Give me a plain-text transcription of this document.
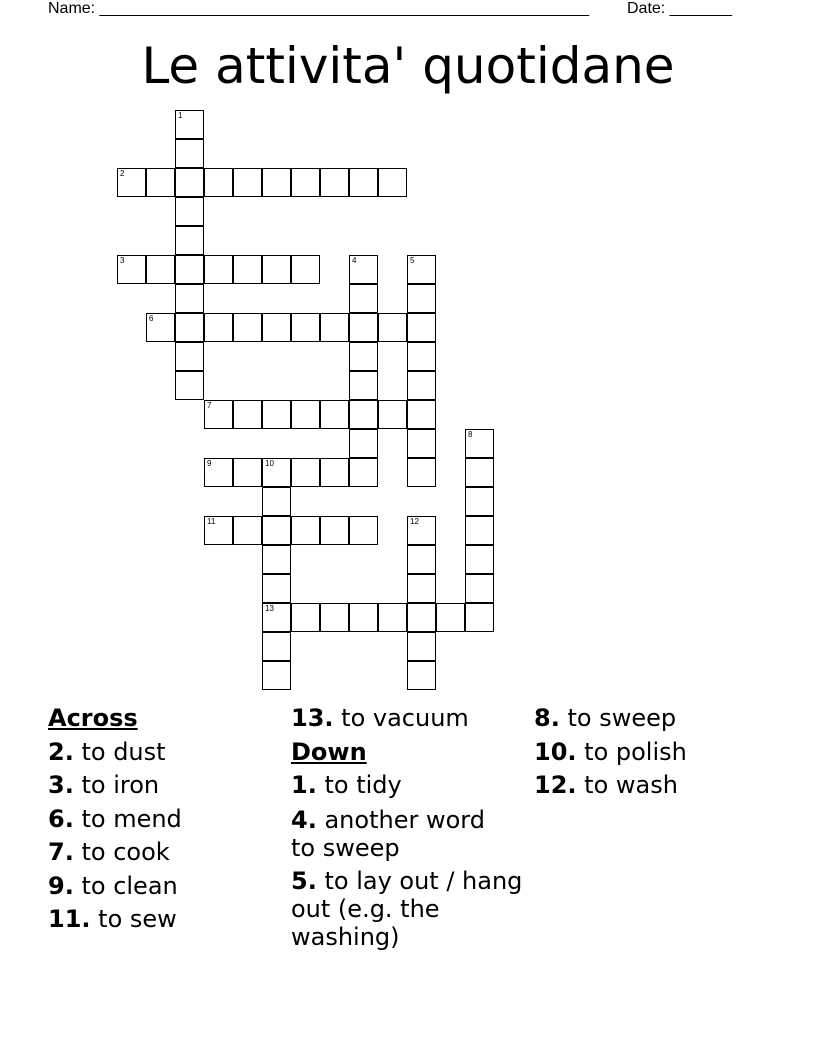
Name: _______________________________________________________ Date: _______
Le attivita' quotidane
1
2
3	4	5
6
7
8
9	10
13
11	12
Across
2. to dust
3. to iron
6. to mend
7. to cook
9. to clean
11. to sew
13. to vacuum
Down
1. to tidy
4. another word to sweep
5. to lay out / hang out (e.g. the washing)
8. to sweep
10. to polish
12. to wash
